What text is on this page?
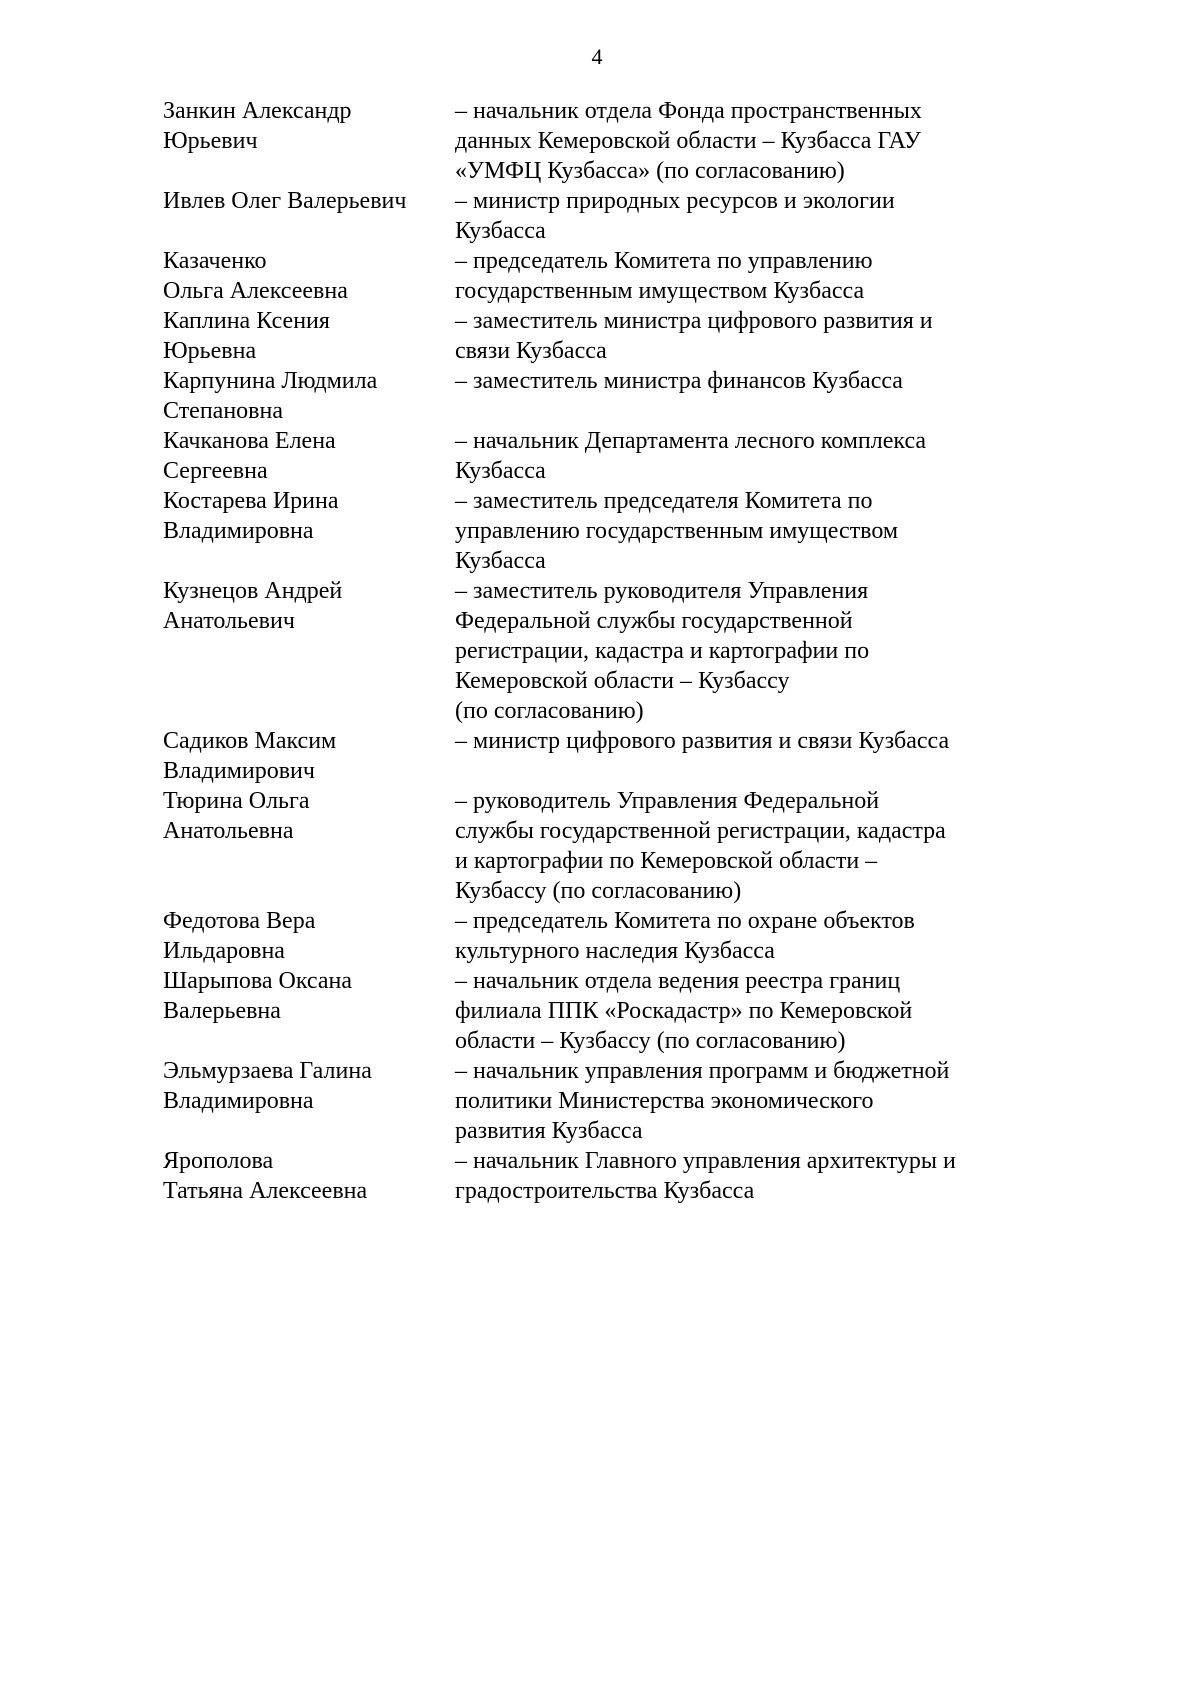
4
Занкин Александр
Юрьевич
– начальник отдела Фонда пространственных
данных Кемеровской области – Кузбасса ГАУ
«УМФЦ Кузбасса» (по согласованию)
Ивлев Олег Валерьевич	– министр природных ресурсов и экологии
Кузбасса
Казаченко
Ольга Алексеевна
– председатель Комитета по управлению
государственным имуществом Кузбасса
Каплина Ксения
Юрьевна
– заместитель министра цифрового развития и
связи Кузбасса
Карпунина Людмила
Степановна
– заместитель министра финансов Кузбасса
Качканова Елена
Сергеевна
– начальник Департамента лесного комплекса
Кузбасса
Костарева Ирина
Владимировна
– заместитель председателя Комитета по
управлению государственным имуществом
Кузбасса
Кузнецов Андрей
Анатольевич
– заместитель руководителя Управления
Федеральной службы государственной
регистрации, кадастра и картографии по
Кемеровской области – Кузбассу
(по согласованию)
Садиков Максим
Владимирович
– министр цифрового развития и связи Кузбасса
Тюрина Ольга
Анатольевна
– руководитель Управления Федеральной
службы государственной регистрации, кадастра
и картографии по Кемеровской области –
Кузбассу (по согласованию)
Федотова Вера
Ильдаровна
– председатель Комитета по охране объектов
культурного наследия Кузбасса
Шарыпова Оксана
Валерьевна
– начальник отдела ведения реестра границ
филиала ППК «Роскадастр» по Кемеровской
области – Кузбассу (по согласованию)
Эльмурзаева Галина
Владимировна
– начальник управления программ и бюджетной
политики Министерства экономического
развития Кузбасса
Ярополова
Татьяна Алексеевна
– начальник Главного управления архитектуры и
градостроительства Кузбасса
